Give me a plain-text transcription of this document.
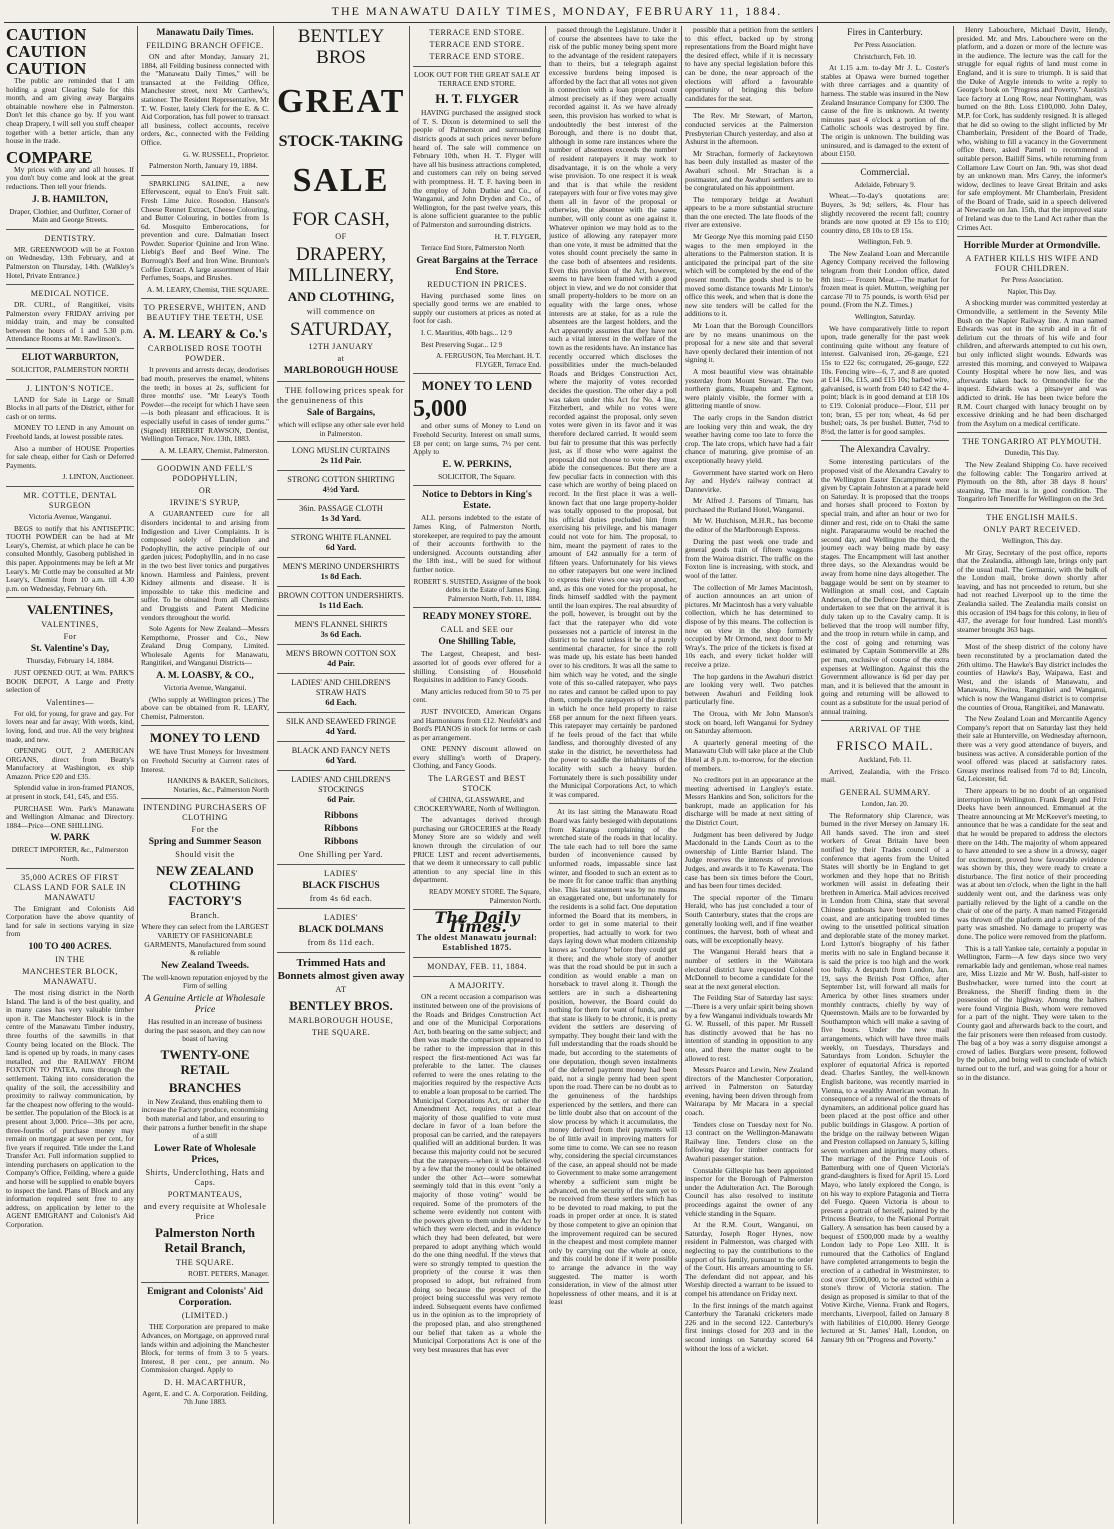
THE MANAWATU DAILY TIMES, MONDAY, FEBRUARY 11, 1884.
CAUTION
CAUTION
CAUTION

The public are reminded that I am holding a great Clearing Sale for this month, and am giving away Bargains obtainable nowhere else in Palmerston. Don't let this chance go by. If you want cheap Drapery, I will sell you stuff cheaper together with a better article, than any house in the trade.

COMPARE

My prices with any and all houses. If you don't buy come and look at the great reductions. Then tell your friends.

J. B. HAMILTON,

Draper, Clothier, and Outfitter, Corner of Main and George Streets.

DENTISTRY.

MR. GREENWOOD will be at Foxton on Wednesday, 13th February, and at Palmerston on Thursday, 14th. (Walkley's Hotel, Private Entrance.)

MEDICAL NOTICE.

DR. CURL, of Rangitikei, visits Palmerston every FRIDAY arriving per midday train, and may be consulted between the hours of 1 and 5.30 p.m. Attendance Rooms at Mr. Rawlinson's.

ELIOT WARBURTON,

SOLICITOR, PALMERSTON NORTH

J. LINTON'S NOTICE.

LAND for Sale in Large or Small Blocks in all parts of the District, either for cash or on terms.

MONEY TO LEND in any Amount on Freehold lands, at lowest possible rates.

Also a number of HOUSE Properties for sale cheap, either for Cash or Deferred Payments.

J. LINTON, Auctioneer.

MR. COTTLE, DENTAL SURGEON

Victoria Avenue, Wanganui.

BEGS to notify that his ANTISEPTIC TOOTH POWDER can be had at Mr Leary's, Chemist, at which place he can be consulted Monthly, Gasoberg published in this paper. Appointments may be left at Mr Leary's. Mr Cottle may be consulted at Mr Leary's, Chemist from 10 a.m. till 4.30 p.m. on Wednesday, February 6th.

VALENTINES,
VALENTINES,
For
St. Valentine's Day,

Thursday, February 14, 1884.

JUST OPENED OUT, at Wm. PARK'S BOOK DEPOT, A Large and Pretty selection of

Valentines—

For old, for young, for grave and gay. For lovers near and far away; With words, kind, loving, fond, and true. All the very brightest made, and new.

OPENING OUT, 2 AMERICAN ORGANS, direct from Beatty's Manufactory at Washington, ex ship Amazon. Price £20 and £35.

Splendid value in iron-framed PIANOS, at present in stock, £41, £45, and £55.

PURCHASE Wm. Park's Manawatu and Wellington Almanac and Directory. 1884—Price—ONE SHILLING.

W. PARK

DIRECT IMPORTER, &c., Palmerston North.

35,000 ACRES OF FIRST CLASS LAND FOR SALE IN MANAWATU

The Emigrant and Colonists Aid Corporation have the above quantity of land for sale in sections varying in size from

100 TO 400 ACRES.
IN THE
MANCHESTER BLOCK, MANAWATU.

The most rising district in the North Island. The land is of the best quality, and in many cases has very valuable timber upon it. The Manchester Block is in the centre of the Manawatu Timber industry, three fourths of the sawmills in that County being located on the Block. The land is opened up by roads, in many cases metalled, and the RAILWAY FROM FOXTON TO PATEA, runs through the settlement. Taking into consideration the quality of the soil, the accessibility and proximity to railway communication, by far the cheapest now offering to the would-be settler. The population of the Block is at present about 3,000. Price—30s per acre, three-fourths of purchase money may remain on mortgage at seven per cent, for five years if required. Title under the Land Transfer Act. Full information supplied to intending purchasers on application to the Company's Office, Feilding, where a guide and horse will be supplied to enable buyers to inspect the land. Plans of Block and any information required sent free to any address, on application by letter to the AGENT EMIGRANT and Colonist's Aid Corporation.

Manawatu Daily Times.
FEILDING BRANCH OFFICE.

ON and after Monday, January 21, 1884, all Feilding business connected with the "Manawatu Daily Times," will be transacted at the Feilding Office, Manchester street, next Mr Carthew's, stationer. The Resident Representative, Mr T. W. Foster, lately Clerk for the E. & C. Aid Corporation, has full power to transact all business, collect accounts, receive orders, &c., connected with the Feilding Office.

G. W. RUSSELL, Proprietor.

Palmerston North, January 19, 1884.

SPARKLING SALINE, a new Effervescent, equal to Eno's Fruit salt. Fresh Lime Juice. Rosodon. Hanson's Cheese Rennet Extract, Cheese Colouring, and Butter Colouring, in bottles from 1s 6d. Mosquito Emberocations, for prevention and cure. Dalmatian Insect Powder. Superior Quinine and Iron Wine. Liebig's Beef and Beef Wine. The Burrough's Beef and Iron Wine. Brunton's Coffee Extract. A large assortment of Hair Perfumes, Soaps, and Brushes.

A. M. LEARY, Chemist, THE SQUARE.

TO PRESERVE, WHITEN, AND BEAUTIFY THE TEETH, USE
A. M. LEARY & Co.'s
CARBOLISED ROSE TOOTH POWDER.

It prevents and arrests decay, deodorises bad mouth, preserves the enamel, whitens the teeth; in boxes at 2s, sufficient for three months' use. "Mr Leary's Tooth Powder—the receipt for which I have seen—is both pleasant and efficacious. It is especially useful in cases of tender gums." (Signed) HERBERT RAWSON, Dentist, Wellington Terrace, Nov. 13th, 1883.

A. M. LEARY, Chemist, Palmerston.

GOODWIN AND FELL'S PODOPHYLLIN,
OR
IRVINE'S SYRUP,

A GUARANTEED cure for all disorders incidental to and arising from Indigestion and Liver Complaints. It is composed solely of Dandelion and Podophyllin, the active principle of our garden juices; Podophyllin, and in no case in the two best liver tonics and purgatives known. Harmless and Painless, prevent Kidney ailments and disease. It is impossible to take this medicine and suffer. To be obtained from all Chemists and Druggists and Patent Medicine vendors throughout the world.

Sole Agents for New Zealand—Messrs Kempthorne, Prosser and Co., New Zealand Drug Company, Limited. Wholesale Agents for Manawatu, Rangitikei, and Wanganui Districts—

A. M. LOASBY, & CO.,

Victoria Avenue, Wanganui.

(Who supply at Wellington prices.) The above can be obtained from R. LEARY, Chemist, Palmerston.

MONEY TO LEND

WE have Trust Moneys for Investment on Freehold Security at Current rates of Interest.

HANKINS & BAKER, Solicitors, Notaries, &c., Palmerston North

INTENDING PURCHASERS OF CLOTHING
For the
Spring and Summer Season
Should visit the
NEW ZEALAND CLOTHING FACTORY'S
Branch.

Where they can select from the LARGEST VARIETY OF FASHIONABLE GARMENTS, Manufactured from sound & reliable

New Zealand Tweeds.

The well-known reputation enjoyed by the Firm of selling

A Genuine Article at Wholesale Price

Has resulted in an increase of business during the past season, and they can now boast of having

TWENTY-ONE RETAIL
BRANCHES

in New Zealand, thus enabling them to increase the Factory produce, economising both material and labor, and ensuring to their patrons a further benefit in the shape of a still

Lower Rate of Wholesale Prices,
Shirts, Underclothing, Hats and Caps.
PORTMANTEAUS,
and every requisite at Wholesale Price
Palmerston North Retail Branch,
THE SQUARE.

ROBT. PETERS, Manager.

Emigrant and Colonists' Aid Corporation.
(LIMITED.)

THE Corporation are prepared to make Advances, on Mortgage, on approved rural lands within and adjoining the Manchester Block, for terms of from 3 to 5 years. Interest, 8 per cent., per annum. No Commission charged. Apply to

D. H. MACARTHUR,

Agent, E. and C. A. Corporation. Feilding, 7th June 1883.

BENTLEY BROS
GREAT
STOCK-TAKING
SALE
FOR CASH,
OF
DRAPERY,
MILLINERY,
AND CLOTHING,
will commence on
SATURDAY,
12TH JANUARY
at
MARLBOROUGH HOUSE

THE following prices speak for the genuineness of this

Sale of Bargains,

which will eclipse any other sale ever held in Palmerston.

LONG MUSLIN CURTAINS
2s 11d Pair.
STRONG COTTON SHIRTING
4½d Yard.
36in. PASSAGE CLOTH
1s 3d Yard.
STRONG WHITE FLANNEL
6d Yard.
MEN'S MERINO UNDERSHIRTS
1s 8d Each.
BROWN COTTON UNDERSHIRTS.
1s 11d Each.
MEN'S FLANNEL SHIRTS
3s 6d Each.
MEN'S BROWN COTTON SOX
4d Pair.
LADIES' AND CHILDREN'S STRAW HATS
6d Each.
SILK AND SEAWEED FRINGE
4d Yard.
BLACK AND FANCY NETS
6d Yard.
LADIES' AND CHILDREN'S STOCKINGS
6d Pair.
Ribbons
Ribbons
Ribbons
One Shilling per Yard.
LADIES'
BLACK FISCHUS
from 4s 6d each.
LADIES'
BLACK DOLMANS
from 8s 11d each.
Trimmed Hats and Bonnets almost given away
AT
BENTLEY BROS.
MARLBOROUGH HOUSE,
THE SQUARE.
TERRACE END STORE.
TERRACE END STORE.
TERRACE END STORE.

LOOK OUT FOR THE GREAT SALE AT TERRACE END STORE.

H. T. FLYGER

HAVING purchased the assigned stock of T. S. Dixon is determined to sell the people of Palmerston and surrounding districts goods at such prices never before heard of. The sale will commence on February 10th, when H. T. Flyger will have all his business attractions completed, and customers can rely on being served with promptness. H. T. F. having been in the employ of John Duthie and Co., of Wanganui, and John Dryden and Co., of Wellington, for the past twelve years, this is alone sufficient guarantee to the public of Palmerston and surrounding districts.

H. T. FLYGER,

Terrace End Store, Palmerston North

Great Bargains at the Terrace End Store.
REDUCTION IN PRICES.

Having purchased some lines on specially good terms we are enabled to supply our customers at prices as noted at foot for cash.

I. C. Mauritius, 40lb bags... 12 9

Best Preserving Sugar... 12 9

A. FERGUSON, Tea Merchant. H. T. FLYGER, Terrace End.

MONEY TO LEND
5,000

and other sums of Money to Lend on Freehold Security. Interest on small sums, £8 per cent; on large sums, 7½ per cent. Apply to

E. W. PERKINS,

SOLICITOR, The Square.

Notice to Debtors in King's Estate.

ALL persons indebted to the estate of James King, of Palmerston North, storekeeper, are required to pay the amount of their accounts forthwith to the undersigned. Accounts outstanding after the 18th inst., will be sued for without further notice.

ROBERT S. SUISTED, Assignee of the book debts in the Estate of James King. Palmerston North, Feb. 11, 1884.

READY MONEY STORE.
CALL and SEE our
One Shilling Table,

The Largest, Cheapest, and best-assorted lot of goods ever offered for a shilling. Consisting of Household Requisites in addition to Fancy Goods.

Many articles reduced from 50 to 75 per cent.

JUST INVOICED, American Organs and Harmoniums from £12. Neufeldt's and Bord's PIANOS in stock for terms or cash as per arrangement.

ONE PENNY discount allowed on every shilling's worth of Drapery, Clothing, and Fancy Goods.

The LARGEST and BEST STOCK

of CHINA, GLASSWARE, and CROCKERYWARE, North of Wellington.

The advantages derived through purchasing our GROCERIES at the Ready Money Store are so widely and well known through the circulation of our PRICE LIST and recent advertisements, that we deem it unnecessary to call public attention to any special line in this department.

READY MONEY STORE. The Square, Palmerston North.

The Daily Times.
The oldest Manawatu journal: Established 1875.
MONDAY, FEB. 11, 1884.
A MAJORITY.

ON a recent occasion a comparison was instituted between one of the provisions of the Roads and Bridges Construction Act and one of the Municipal Corporations Act, both bearing on the same subject; and then was made the comparison appeared to be rather to the impression that in this respect the first-mentioned Act was far preferable to the latter. The clauses referred to were the ones relating to the majorities required by the respective Acts to enable a loan proposal to be carried. The Municipal Corporations Act, or rather the Amendment Act, requires that a clear majority of those qualified to vote must declare in favor of a loan before the proposal can be carried, and the ratepayers qualified will an additional burden. It was because this majority could not be secured that the ratepayers—when it was believed by a few that the money could be obtained under the other Act—were somewhat seemingly told that in this event "only a majority of those voting" would be required. Some of the promoters of the scheme were evidently not content with the powers given to them under the Act by which they were elected, and in evidence which they had been defeated, but were prepared to adopt anything which would do the one thing needful. If the views that were so strongly tempted to question the propriety of the course it was then proposed to adopt, but refrained from doing so because the prospect of the project being successful was very remote indeed. Subsequent events have confirmed us in the opinion as to the impropriety of the proposed plan, and also strengthened our belief that taken as a whole the Municipal Corporations Act is one of the very best measures that has ever

passed through the Legislature. Under it of course the absentees have to take the risk of the public money being spent more to the advantage of the resident ratepayers than to theirs, but a telegraph against excessive burdens being imposed is afforded by the fact that all votes not given in connection with a loan proposal count almost precisely as if they were actually recorded against it. As we have already seen, this provision has worked to what is undoubtedly the best interest of the Borough, and there is no doubt that, although in some rare instances where the number of absentees exceeds the number of resident ratepayers it may work to disadvantage, it is on the whole a very wise provision. To one respect it is weak and that is that while the resident ratepayers with four or five votes may give them all in favor of the proposal or otherwise, the absentee with the same number, will only count as one against it. Whatever opinion we may hold as to the justice of allowing any ratepayer more than one vote, it must be admitted that the votes should count precisely the same in the case both of absentees and residents. Even this provision of the Act, however, seems to have been framed with a good object in view, and we do not consider that small property-holders to be more on an equality with the large ones, whose interests are at stake, for as a rule the absentees are the largest holders, and the Act apparently assumes that they have not such a vital interest in the welfare of the town as the residents have. An instance has recently occurred which discloses the possibilities under the much-belauded Roads and Bridges Construction Act, where the majority of votes recorded decides the question. The other day a poll was taken under this Act for No. 4 line, Fitzherbert, and while no votes were recorded against the proposal, only seven votes were given in its favor and it was therefore declared carried. It would seem but fair to presume that this was perfectly just, as if those who were against the proposal did not choose to vote they must abide the consequences. But there are a few peculiar facts in connection with this case which are worthy of being placed on record. In the first place it was a well-known fact that one large property-holder was totally opposed to the proposal, but his official duties precluded him from exercising his privilege, and his manager could not vote for him. The proposal, to him, meant the payment of rates to the amount of £42 annually for a term of fifteen years. Unfortunately for his views no other ratepayers but one were inclined to express their views one way or another, and, as this one voted for the proposal, he finds himself saddled with the payment until the loan expires. The real absurdity of the poll, however, is brought out by the fact that the ratepayer who did vote possesses not a particle of interest in the district to be rated unless it be of a purely sentimental character, for since the roll was made up, his estate has been handed over to his creditors. It was all the same to him which way he voted, and the single vote of this so-called ratepayer, who pays no rates and cannot be called upon to pay them, compels the ratepayers of the district in which he once held property to raise £68 per annum for the next fifteen years. This ratepayer may certainly be pardoned if he feels proud of the fact that while landless, and thoroughly divested of any stake in the district, he nevertheless had the power to saddle the inhabitants of the locality with such a heavy burden. Fortunately there is such possibility under the Municipal Corporations Act, to which it was compared.

At its last sitting the Manawatu Road Board was fairly besieged with deputations from Kairanga complaining of the wretched state of the roads in that locality. The tale each had to tell bore the same burden of inconvenience caused by unformed roads, impassable since last winter, and flooded to such an extent as to be more fit for canoe traffic than anything else. This last statement was by no means an exaggerated one, but unfortunately for the residents is a solid fact. One deputation informed the Board that its members, in order to get in some material to their properties, had actually to work for two days laying down what modern citizenship knows as "corduroy" before they could get it there; and the whole story of another was that the road should be put in such a condition as would enable a man on horseback to travel along it. Though the settlers are in such a disheartening position, however, the Board could do nothing for them for want of funds, and as that state is likely to be chronic, it is pretty evident the settlers are deserving of sympathy. They bought their land with the full understanding that the roads should be made, but according to the statements of one deputation, though seven instalments of the deferred payment money had been paid, not a single penny had been spent upon the road. There can be no doubt as to the genuineness of the hardships experienced by the settlers, and there can be little doubt also that on account of the slow process by which it accumulates, the money derived from their payments will be of little avail in improving matters for some time to come. We can see no reason why, considering the special circumstances of the case, an appeal should not be made to Government to make some arrangement whereby a sufficient sum might be advanced, on the security of the sum yet to be received from these settlers which has to be devoted to road making, to put the roads in proper order at once. It is stated by those competent to give an opinion that the improvement required can be secured in the cheapest and most complete manner only by carrying out the whole at once, and this could be done if it were possible to arrange the advance in the way suggested. The matter is worth consideration, in view of the almost utter hopelessness of other means, and it is at least

possible that a petition from the settlers to this effect, backed up by strong representations from the Board might have the desired effect, while if it is necessary to have any special legislation before this can be done, the near approach of the elections will afford a favourable opportunity of bringing this before candidates for the seat.

The Rev. Mr Stewart, of Marton, conducted services at the Palmerston Presbyterian Church yesterday, and also at Ashurst in the afternoon.

Mr Strachan, formerly of Jackeytown has been duly installed as master of the Awahuri school. Mr Strachan is a postmaster, and the Awahuri settlers are to be congratulated on his appointment.

The temporary bridge at Awahuri appears to be a more substantial structure than the one erected. The late floods of the river are extensive.

Mr George Nye this morning paid £150 wages to the men employed in the alterations to the Palmerston station. It is anticipated the principal part of the site which will be completed by the end of the present month. The goods shed is to be moved some distance towards Mr Linton's office this week, and when that is done the new site tenders will be called for the additions to it.

Mr Loan that the Borough Councillors are by no means unanimous on the proposal for a new site and that several have openly declared their intention of not signing it.

A most beautiful view was obtainable yesterday from Mount Stewart. The two northern giants, Ruapehu and Egmont, were plainly visible, the former with a glittering mantle of snow.

The early crops in the Sandon district are looking very thin and weak, the dry weather having come too late to force the crop. The late crops, which have had a fair chance of maturing, give promise of an exceptionally heavy yield.

Government have started work on Hero Jay and Hyde's railway contract at Dannevirke.

Mr Alfred J. Parsons of Timaru, has purchased the Rutland Hotel, Wanganui.

Mr W. Hutchison, M.H.R., has become the editor of the Marlborough Express.

During the past week one trade and general goods train of fifteen waggons from the Wairoa district. The traffic on the Foxton line is increasing, with stock, and wool of the latter.

The collection of Mr James Macintosh, of auction announces an art union of pictures. Mr Macintosh has a very valuable collection, which he has determined to dispose of by this means. The collection is now on view in the shop formerly occupied by Mr Ormond, next door to Mr Wray's. The price of the tickets is fixed at 10s each, and every ticket holder will receive a prize.

The hop gardens in the Awahuri district are looking very well. Two patches between Awahuri and Feilding look particularly fine.

The Oroua, with Mr John Manson's stock on board, left Wanganui for Sydney on Saturday afternoon.

A quarterly general meeting of the Manawatu Club will take place at the Club Hotel at 8 p.m. to-morrow, for the election of members.

No creditors put in an appearance at the meeting advertised in Langley's estate. Messrs Hankins and Son, solicitors for the bankrupt, made an application for his discharge will be made at next sitting of the District Court.

Judgment has been delivered by Judge Macdonald in the Lands Court as to the ownership of Little Barrier Island. The Judge reserves the interests of previous Judges, and awards it to Te Kawenata. The case has been six times before the Court, and has been four times decided.

The special reporter of the Timaru Herald, who has just concluded a tour of South Canterbury, states that the crops are generally looking well, and if fine weather continues, the harvest, both of wheat and oats, will be exceptionally heavy.

The Wanganui Herald hears that a number of settlers in the Waitotara electoral district have requested Colonel McDonnell to become a candidate for the seat at the next general election.

The Feilding Star of Saturday last says:—There is a very unfair spirit being shown by a few Wanganui individuals towards Mr G. W. Russell, of this paper. Mr Russell has distinctly avowed that he has no intention of standing in opposition to any one, and there the matter ought to be allowed to rest.

Messrs Pearce and Lewin, New Zealand directors of the Manchester Corporation, arrived in Palmerston on Saturday evening, having been driven through from Wairarapa by Mr Macara in a special coach.

Tenders close on Tuesday next for No. 13 contract on the Wellington-Manawatu Railway line. Tenders close on the following day for timber contracts for Awahuri passenger station.

Constable Gillespie has been appointed inspector for the Borough of Palmerston under the Adulteration Act. The Borough Council has also resolved to institute proceedings against the owner of any vehicle standing in the Square.

At the R.M. Court, Wanganui, on Saturday, Joseph Roger Hynes, now resident in Palmerston, was charged with neglecting to pay the contributions to the support of his family, pursuant to the order of the Court. His arrears amounting to £6. The defendant did not appear, and his Worship directed a warrant to be issued to compel his attendance on Friday next.

In the first innings of the match against Canterbury the Taranaki cricketers made 226 and in the second 122. Canterbury's first innings closed for 203 and in the second innings on Saturday scored 64 without the loss of a wicket.

Fires in Canterbury.

Per Press Association.

Christchurch, Feb. 10.

At 1.15 a.m. to-day Mr J. L. Coster's stables at Opawa were burned together with three carriages and a quantity of harness. The stable was insured in the New Zealand Insurance Company for £300. The cause of the fire is unknown. At twenty minutes past 4 o'clock a portion of the Catholic schools was destroyed by fire. The origin is unknown. The building was uninsured, and is damaged to the extent of about £150.

Commercial.

Adelaide, February 9.

Wheat.—To-day's quotations are: Buyers, 3s 9d; sellers, 4s. Flour has slightly recovered the recent fall; country brands are now quoted at £9 15s to £10; country ditto, £8 10s to £8 15s.

Wellington, Feb. 9.

The New Zealand Loan and Mercantile Agency Company received the following telegram from their London office, dated 8th inst:— Frozen Meat.—The market for frozen meat is quiet. Mutton, weighing per carcase 70 to 75 pounds, is worth 6¼d per pound. (From the N.Z. Times.)

Wellington, Saturday.

We have comparatively little to report upon, trade generally for the past week continuing quite without any feature of interest. Galvanised iron, 26-gauge, £21 15s to £22 6s; corrugated, 26-gauge, £22 10s. Fencing wire—6, 7, and 8 are quoted at £14 10s, £15, and £15 10s; barbed wire, galvanised, is worth from £40 to £42 the 4-point; black is in good demand at £18 10s to £19. Colonial produce—Flour, £11 per ton; bran, £5 per ton; wheat, 4s 6d per bushel; oats, 3s per bushel. Butter, 7½d to 8½d, the latter is for good samples.

The Alexandra Cavalry.

Some interesting particulars of the proposed visit of the Alexandra Cavalry to the Wellington Easter Encampment were given by Captain Johnston at a parade held on Saturday. It is proposed that the troops and horses shall proceed to Foxton by special train, and after an hour or two for dinner and rest, ride on to Otaki the same night. Paraparaumu would be reached the second day, and Wellington the third, the journey each way being made by easy stages. The Encampment will last another three days, so the Alexandras would be away from home nine days altogether. The baggage would be sent on by steamer to Wellington at small cost, and Captain Anderson, of the Defence Department, has undertaken to see that on the arrival it is duly taken up to the Cavalry camp. It is believed that the troop will number fifty, and the troop in return while in camp, and the cost of going and returning was estimated by Captain Sommerville at 28s per man, exclusive of course of the extra expenses at Wellington. Against this the Government allowance is 6d per day per man, and it is believed that the amount in going and returning will be allowed to count as a substitute for the usual period of annual training.

ARRIVAL OF THE
FRISCO MAIL.

Auckland, Feb. 11.

Arrived, Zealandia, with the Frisco mail.

GENERAL SUMMARY.

London, Jan. 20.

The Reformatory ship Clarence, was burned in the river Mersey on January 16. All hands saved. The iron and steel workers of Great Britain have been notified by their Trades council of a conference that agents from the United States will shortly be in England to get workmen and they hope that no British workmen will assist in defeating their brethren in America. Mail advices received in London from China, state that several Chinese gunboats have been sent to the coast, and are anticipating troubled times owing to the unsettled political situation and deplorable state of the money market. Lord Lytton's biography of his father merits with no sale in England because it is said the price is too high and the work too bulky. A despatch from London, Jan. 19, says the British Post Office, after September 1st, will forward all mails for America by other lines steamers under monthly contracts, chiefly by way of Queenstown. Mails are to be forwarded by Southampton which will make a saving of five hours. Under the new mail arrangements, which will have three mails weekly, on Tuesdays, Thursdays and Saturdays from London. Schuyler the explorer of equatorial Africa is reported dead. Charles Santley, the well-known English baritone, was recently married in Vienna, to a wealthy American woman. In consequence of a renewal of the threats of dynamiters, an additional police guard has been placed at the post office and other public buildings in Glasgow. A portion of the bridge on the railway between Wigan and Preston collapsed on January 5, killing seven workmen and injuring many others. The marriage of the Prince Louis of Battenburg with one of Queen Victoria's grand-daughters is fixed for April 15. Lord Mayo, who lately explored the Congo, is on his way to explore Patagonia and Tierra del Fuego. Queen Victoria is about to present a portrait of herself, painted by the Princess Beatrice, to the National Portrait Gallery. A sensation has been caused by a bequest of £500,000 made by a wealthy London lady to Pope Leo XIII. It is rumoured that the Catholics of England have completed arrangements to begin the erection of a cathedral in Westminster, to cost over £500,000, to be erected within a stone's throw of Victoria station. The design as proposed is similar to that of the Votive Kirche, Vienna. Frank and Rogers, merchants, Liverpool, failed on January 8 with liabilities of £10,000. Henry George lectured at St. James' Hall, London, on January 9th on "Progress and Poverty."

Henry Labouchere, Michael Davitt, Hendy, presided. Mr. and Mrs. Labouchere were on the platform, and a dozen or more of the lecture was in the audience. The lecture was the call for the struggle for equal rights of land must come in England, and it is sure to triumph. It is said that the Duke of Argyle intends to write a reply to George's book on "Progress and Poverty." Austin's lace factory at Long Row, near Nottingham, was burned on the 8th. Loss £100,000. John Daley, M.P. for Cork, has suddenly resigned. It is alleged that he did so owing to the slight inflicted by Mr Chamberlain, President of the Board of Trade, who, wishing to fill a vacancy in the Government office there, asked Parnell to recommend a suitable person. Bailiff Sims, while returning from Collamore Law Court on Jan. 9th, was shot dead by an unknown man. Mrs Carey, the informer's widow, declines to leave Great Britain and asks for safe employment. Mr Chamberlain, President of the Board of Trade, said in a speech delivered at Newcastle on Jan. 15th, that the improved state of Ireland was due to the Land Act rather than the Crimes Act.

Horrible Murder at Ormondville.
A FATHER KILLS HIS WIFE AND FOUR CHILDREN.

Per Press Association.

Napier, This Day.

A shocking murder was committed yesterday at Ormondville, a settlement in the Seventy Mile Bush on the Napier Railway line. A man named Edwards was out in the scrub and in a fit of delirium cut the throats of his wife and four children, and afterwards attempted to cut his own, but only inflicted slight wounds. Edwards was arrested this morning, and conveyed to Waipawa County Hospital where he now lies, and was afterwards taken back to Ormondville for the inquest. Edwards was a pitsawyer and was addicted to drink. He has been twice before the R.M. Court charged with lunacy brought on by excessive drinking and he had been discharged from the Asylum on a medical certificate.

THE TONGARIRO AT PLYMOUTH.

Dunedin, This Day.

The New Zealand Shipping Co. have received the following cable: The Tongariro arrived at Plymouth on the 8th, after 38 days 8 hours' steaming. The meat is in good condition. The Tongariro left Teneriffe for Wellington on the 3rd.

THE ENGLISH MAILS.
ONLY PART RECEIVED.

Wellington, This day.

Mr Gray, Secretary of the post office, reports that the Zealandia, although late, brings only part of the usual mail. The Germanic, with the bulk of the London mail, broke down shortly after leaving, and has not proceeded to return, but she had not reached Liverpool up to the time the Zealandia sailed. The Zealandia mails consist on this occasion of 194 bags for this colony, in lieu of 437, the average for four hundred. Last month's steamer brought 363 bags.

Most of the sheep district of the colony have been reconstituted by a proclamation dated the 26th ultimo. The Hawke's Bay district includes the counties of Hawke's Bay, Waipawa, East and West, and the islands of Manawatu, and Manawatu, Kiwitea, Rangitikei and Wanganui, which is now the Wanganui district is to comprise the counties of Oroua, Rangitikei, and Manawatu.

The New Zealand Loan and Mercantile Agency Company's report that on Saturday last they held their sale at Hunterville, on Wednesday afternoon, there was a very good attendance of buyers, and business was active. A considerable portion of the wool offered was placed at satisfactory rates. Greasy merinos realised from 7d to 8d; Lincoln, 6d, Leicester, 6d.

There appears to be no doubt of an organised interruption in Wellington. Frank Bergh and Fritz Deeks have been announced. Emmanuel at the Theatre announcing at Mr McKeever's meeting, to announce that he was a candidate for the seat and that he would be prepared to address the electors there on the 14th. The majority of whom appeared to have attended to see a show in a drowsy, eager for excitement, proved how favourable evidence was shown by this, they were ready to create a disturbance. The first notice of their proceeding was at about ten o'clock, when the light in the hall suddenly went out, and the darkness was only partially relieved by the light of a candle on the chair of one of the party. A man named Fitzgerald was thrown off the platform and a carriage of the party was smashed. No damage to property was done. The police were removed from the platform.

This is a tall Yankee tale, certainly a popular in Wellington, Farm—A few days since two very remarkable lady and gentleman, whose real names are, Miss Lizzie and Mr W. Bush, half-sister to Bushwhacker, were turned into the court at Breakness, the Sheriff finding them in the possession of the highway. Among the halters were found Virginia Bush, whom were removed for a part of the night. They were taken to the County gaol and afterwards back to the court, and the fair prisoners were then released from custody. The bag of a boy was a sorry disguise amongst a crowd of ladies. Burglars were present, followed by the police, and being well to conclude of which turned out to the turf, and was going for a hour or so in the distance.
